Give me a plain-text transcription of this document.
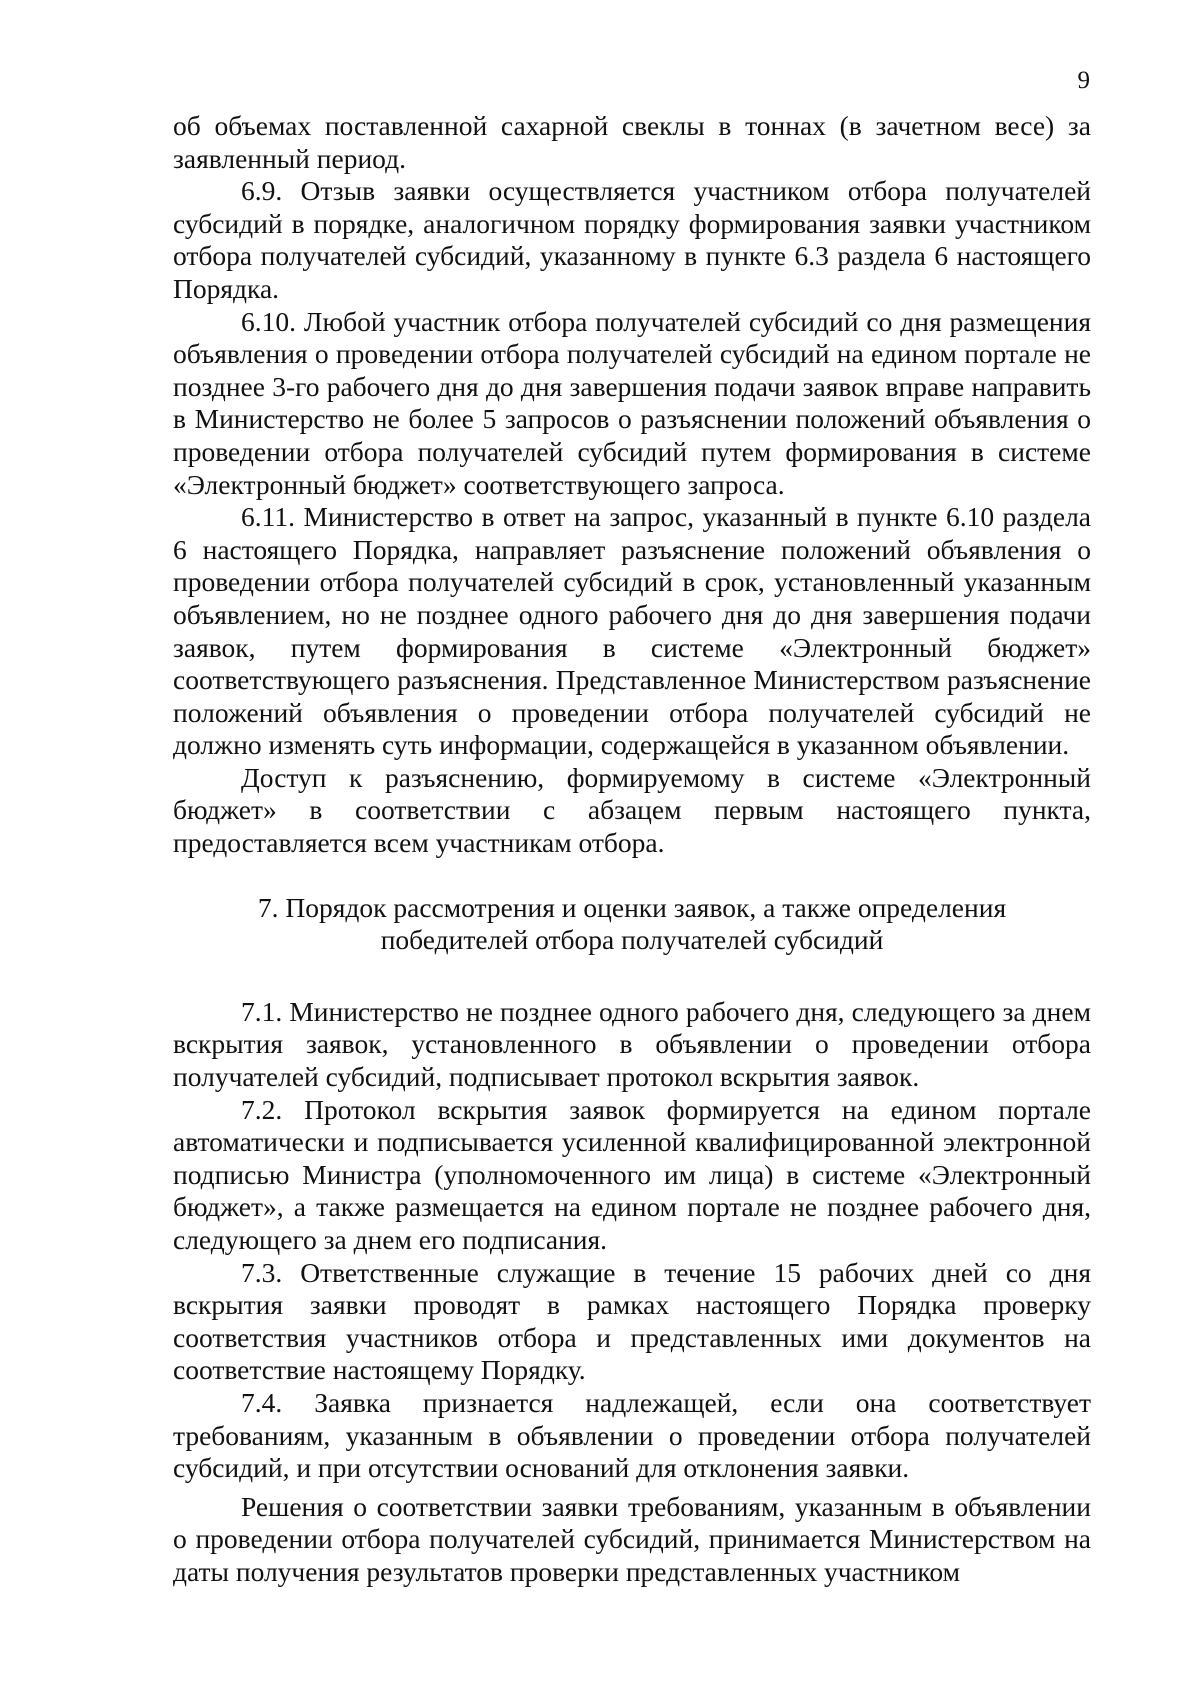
9

об объемах поставленной сахарной свеклы в тоннах (в зачетном весе) за заявленный период.

6.9. Отзыв заявки осуществляется участником отбора получателей субсидий в порядке, аналогичном порядку формирования заявки участником отбора получателей субсидий, указанному в пункте 6.3 раздела 6 настоящего Порядка.

6.10. Любой участник отбора получателей субсидий со дня размещения объявления о проведении отбора получателей субсидий на едином портале не позднее 3-го рабочего дня до дня завершения подачи заявок вправе направить в Министерство не более 5 запросов о разъяснении положений объявления о проведении отбора получателей субсидий путем формирования в системе «Электронный бюджет» соответствующего запроса.

6.11. Министерство в ответ на запрос, указанный в пункте 6.10 раздела 6 настоящего Порядка, направляет разъяснение положений объявления о проведении отбора получателей субсидий в срок, установленный указанным объявлением, но не позднее одного рабочего дня до дня завершения подачи заявок, путем формирования в системе «Электронный бюджет» соответствующего разъяснения. Представленное Министерством разъяснение положений объявления о проведении отбора получателей субсидий не должно изменять суть информации, содержащейся в указанном объявлении.

Доступ к разъяснению, формируемому в системе «Электронный бюджет» в соответствии с абзацем первым настоящего пункта, предоставляется всем участникам отбора.

7. Порядок рассмотрения и оценки заявок, а также определения
победителей отбора получателей субсидий

7.1. Министерство не позднее одного рабочего дня, следующего за днем вскрытия заявок, установленного в объявлении о проведении отбора получателей субсидий, подписывает протокол вскрытия заявок.

7.2. Протокол вскрытия заявок формируется на едином портале автоматически и подписывается усиленной квалифицированной электронной подписью Министра (уполномоченного им лица) в системе «Электронный бюджет», а также размещается на едином портале не позднее рабочего дня, следующего за днем его подписания.

7.3. Ответственные служащие в течение 15 рабочих дней со дня вскрытия заявки проводят в рамках настоящего Порядка проверку соответствия участников отбора и представленных ими документов на соответствие настоящему Порядку.

7.4. Заявка признается надлежащей, если она соответствует требованиям, указанным в объявлении о проведении отбора получателей субсидий, и при отсутствии оснований для отклонения заявки.

Решения о соответствии заявки требованиям, указанным в объявлении о проведении отбора получателей субсидий, принимается Министерством на даты получения результатов проверки представленных участником
